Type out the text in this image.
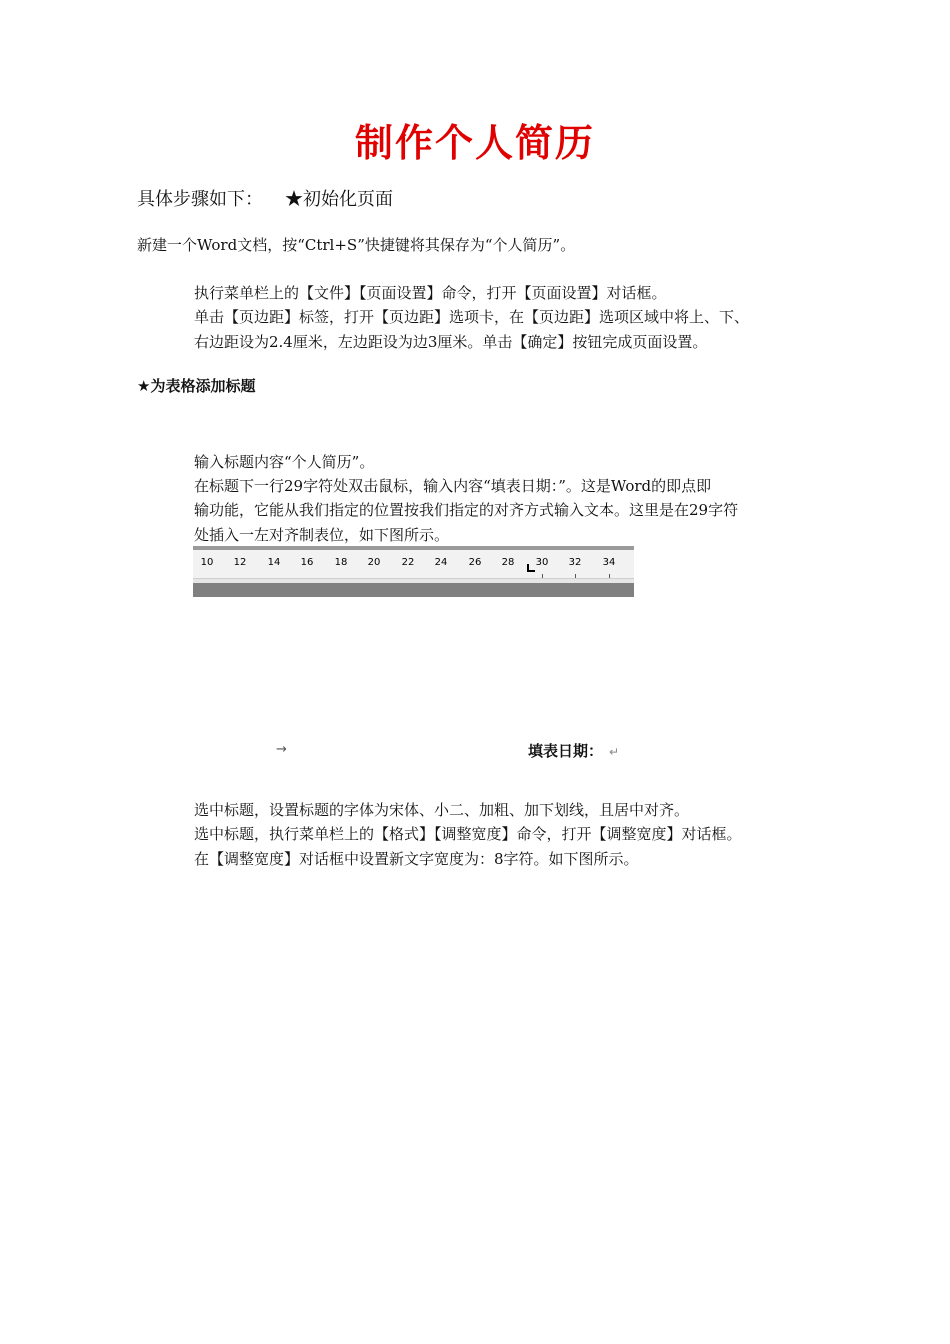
制作个人简历

具体步骤如下： ★初始化页面

新建一个Word文档，按“Ctrl+S”快捷键将其保存为“个人简历”。

执行菜单栏上的【文件】【页面设置】命令，打开【页面设置】对话框。

单击【页边距】标签，打开【页边距】选项卡，在【页边距】选项区域中将上、下、

右边距设为2.4厘米，左边距设为边3厘米。单击【确定】按钮完成页面设置。

★为表格添加标题

输入标题内容“个人简历”。

在标题下一行29字符处双击鼠标，输入内容“填表日期：”。这是Word的即点即

输功能，它能从我们指定的位置按我们指定的对齐方式输入文本。这里是在29字符

处插入一左对齐制表位，如下图所示。

10 12 14 16 18 20 22 24 26 28 30 32 34
→	填表日期： ↵

选中标题，设置标题的字体为宋体、小二、加粗、加下划线，且居中对齐。

选中标题，执行菜单栏上的【格式】【调整宽度】命令，打开【调整宽度】对话框。

在【调整宽度】对话框中设置新文字宽度为：8字符。如下图所示。
